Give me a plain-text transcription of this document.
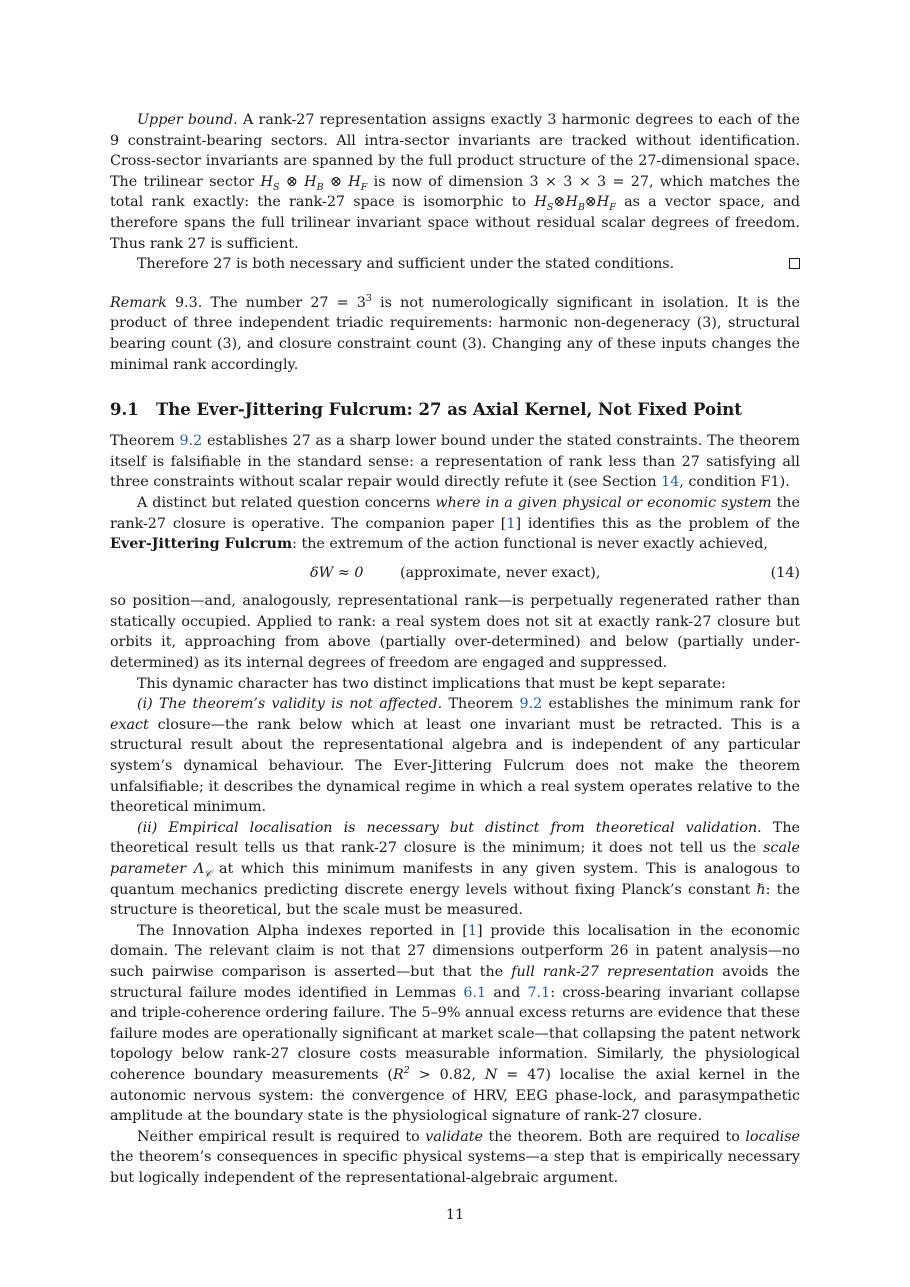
Upper bound. A rank-27 representation assigns exactly 3 harmonic degrees to each of the 9 constraint-bearing sectors. All intra-sector invariants are tracked without identification. Cross-sector invariants are spanned by the full product structure of the 27-dimensional space. The trilinear sector $H_S$ ⊗ $H_B$ ⊗ $H_F$ is now of dimension 3 × 3 × 3 = 27, which matches the total rank exactly: the rank-27 space is isomorphic to $H_S\otimes H_B\otimes H_F$ as a vector space, and therefore spans the full trilinear invariant space without residual scalar degrees of freedom. Thus rank 27 is sufficient.

Therefore 27 is both necessary and sufficient under the stated conditions.

Remark 9.3. The number $27 = 3^3$ is not numerologically significant in isolation. It is the product of three independent triadic requirements: harmonic non-degeneracy (3), structural bearing count (3), and closure constraint count (3). Changing any of these inputs changes the minimal rank accordingly.

9.1 The Ever-Jittering Fulcrum: 27 as Axial Kernel, Not Fixed Point

Theorem 9.2 establishes 27 as a sharp lower bound under the stated constraints. The theorem itself is falsifiable in the standard sense: a representation of rank less than 27 satisfying all three constraints without scalar repair would directly refute it (see Section 14, condition F1).

A distinct but related question concerns where in a given physical or economic system the rank-27 closure is operative. The companion paper [1] identifies this as the problem of the Ever-Jittering Fulcrum: the extremum of the action functional is never exactly achieved,

δW ≈ 0	(approximate, never exact),	(14)

so position—and, analogously, representational rank—is perpetually regenerated rather than statically occupied. Applied to rank: a real system does not sit at exactly rank-27 closure but orbits it, approaching from above (partially over-determined) and below (partially under-determined) as its internal degrees of freedom are engaged and suppressed.

This dynamic character has two distinct implications that must be kept separate:

(i) The theorem’s validity is not affected. Theorem 9.2 establishes the minimum rank for exact closure—the rank below which at least one invariant must be retracted. This is a structural result about the representational algebra and is independent of any particular system’s dynamical behaviour. The Ever-Jittering Fulcrum does not make the theorem unfalsifiable; it describes the dynamical regime in which a real system operates relative to the theoretical minimum.

(ii) Empirical localisation is necessary but distinct from theoretical validation. The theoretical result tells us that rank-27 closure is the minimum; it does not tell us the scale parameter $\Lambda_𝒞$ at which this minimum manifests in any given system. This is analogous to quantum mechanics predicting discrete energy levels without fixing Planck’s constant ℏ: the structure is theoretical, but the scale must be measured.

The Innovation Alpha indexes reported in [1] provide this localisation in the economic domain. The relevant claim is not that 27 dimensions outperform 26 in patent analysis—no such pairwise comparison is asserted—but that the full rank-27 representation avoids the structural failure modes identified in Lemmas 6.1 and 7.1: cross-bearing invariant collapse and triple-coherence ordering failure. The 5–9% annual excess returns are evidence that these failure modes are operationally significant at market scale—that collapsing the patent network topology below rank-27 closure costs measurable information. Similarly, the physiological coherence boundary measurements ($R^2 > 0.82$, N = 47) localise the axial kernel in the autonomic nervous system: the convergence of HRV, EEG phase-lock, and parasympathetic amplitude at the boundary state is the physiological signature of rank-27 closure.

Neither empirical result is required to validate the theorem. Both are required to localise the theorem’s consequences in specific physical systems—a step that is empirically necessary but logically independent of the representational-algebraic argument.

11
